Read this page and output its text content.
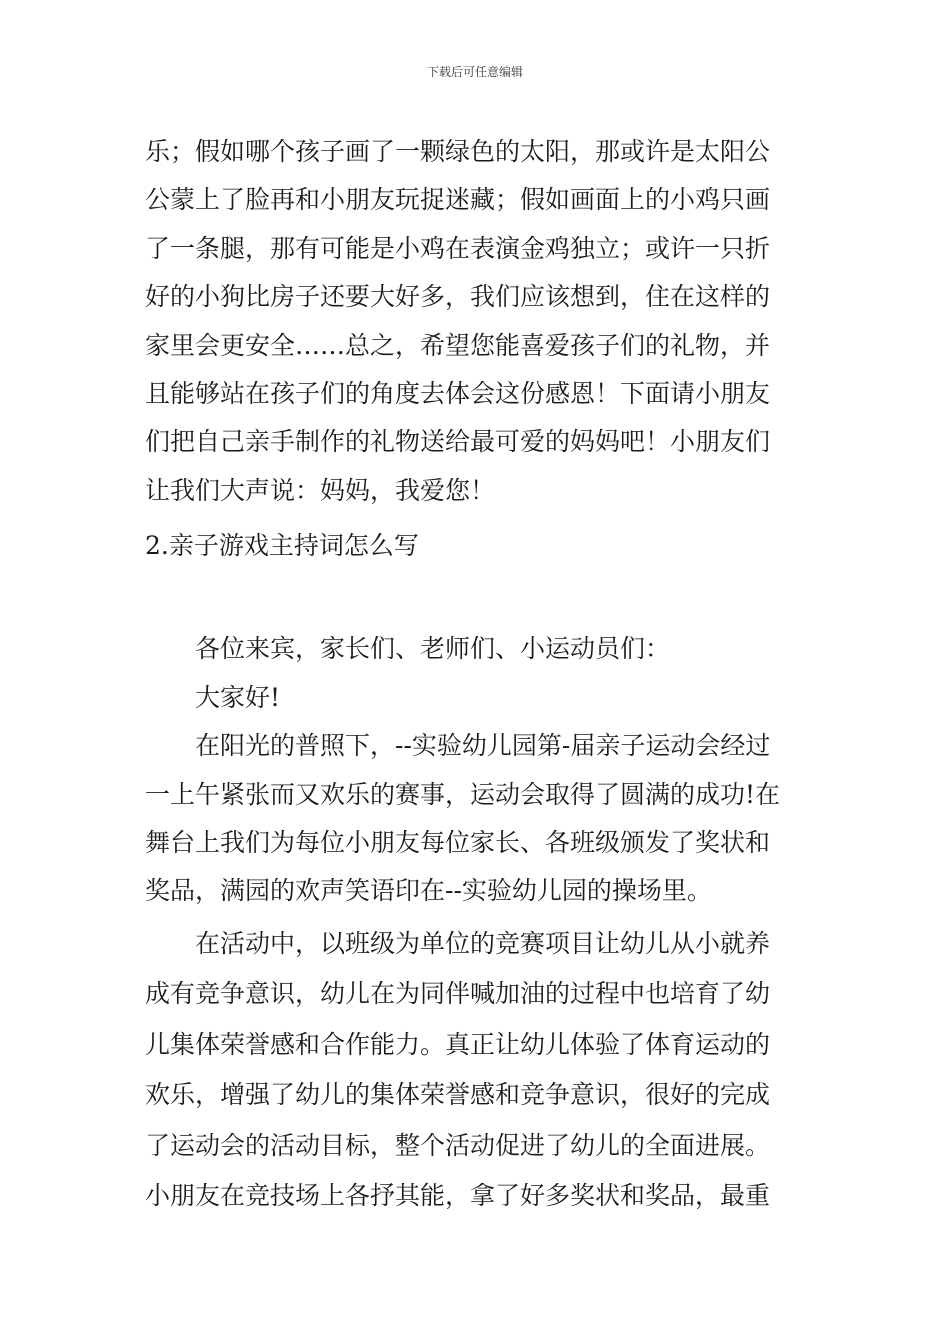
下载后可任意编辑
乐；假如哪个孩子画了一颗绿色的太阳，那或许是太阳公
公蒙上了脸再和小朋友玩捉迷藏；假如画面上的小鸡只画
了一条腿，那有可能是小鸡在表演金鸡独立；或许一只折
好的小狗比房子还要大好多，我们应该想到，住在这样的
家里会更安全……总之，希望您能喜爱孩子们的礼物，并
且能够站在孩子们的角度去体会这份感恩！下面请小朋友
们把自己亲手制作的礼物送给最可爱的妈妈吧！小朋友们
让我们大声说：妈妈，我爱您！
2.亲子游戏主持词怎么写
各位来宾，家长们、老师们、小运动员们：
大家好!
在阳光的普照下，--实验幼儿园第-届亲子运动会经过
一上午紧张而又欢乐的赛事，运动会取得了圆满的成功!在
舞台上我们为每位小朋友每位家长、各班级颁发了奖状和
奖品，满园的欢声笑语印在--实验幼儿园的操场里。
在活动中，以班级为单位的竞赛项目让幼儿从小就养
成有竞争意识，幼儿在为同伴喊加油的过程中也培育了幼
儿集体荣誉感和合作能力。真正让幼儿体验了体育运动的
欢乐，增强了幼儿的集体荣誉感和竞争意识，很好的完成
了运动会的活动目标，整个活动促进了幼儿的全面进展。
小朋友在竞技场上各抒其能，拿了好多奖状和奖品，最重
